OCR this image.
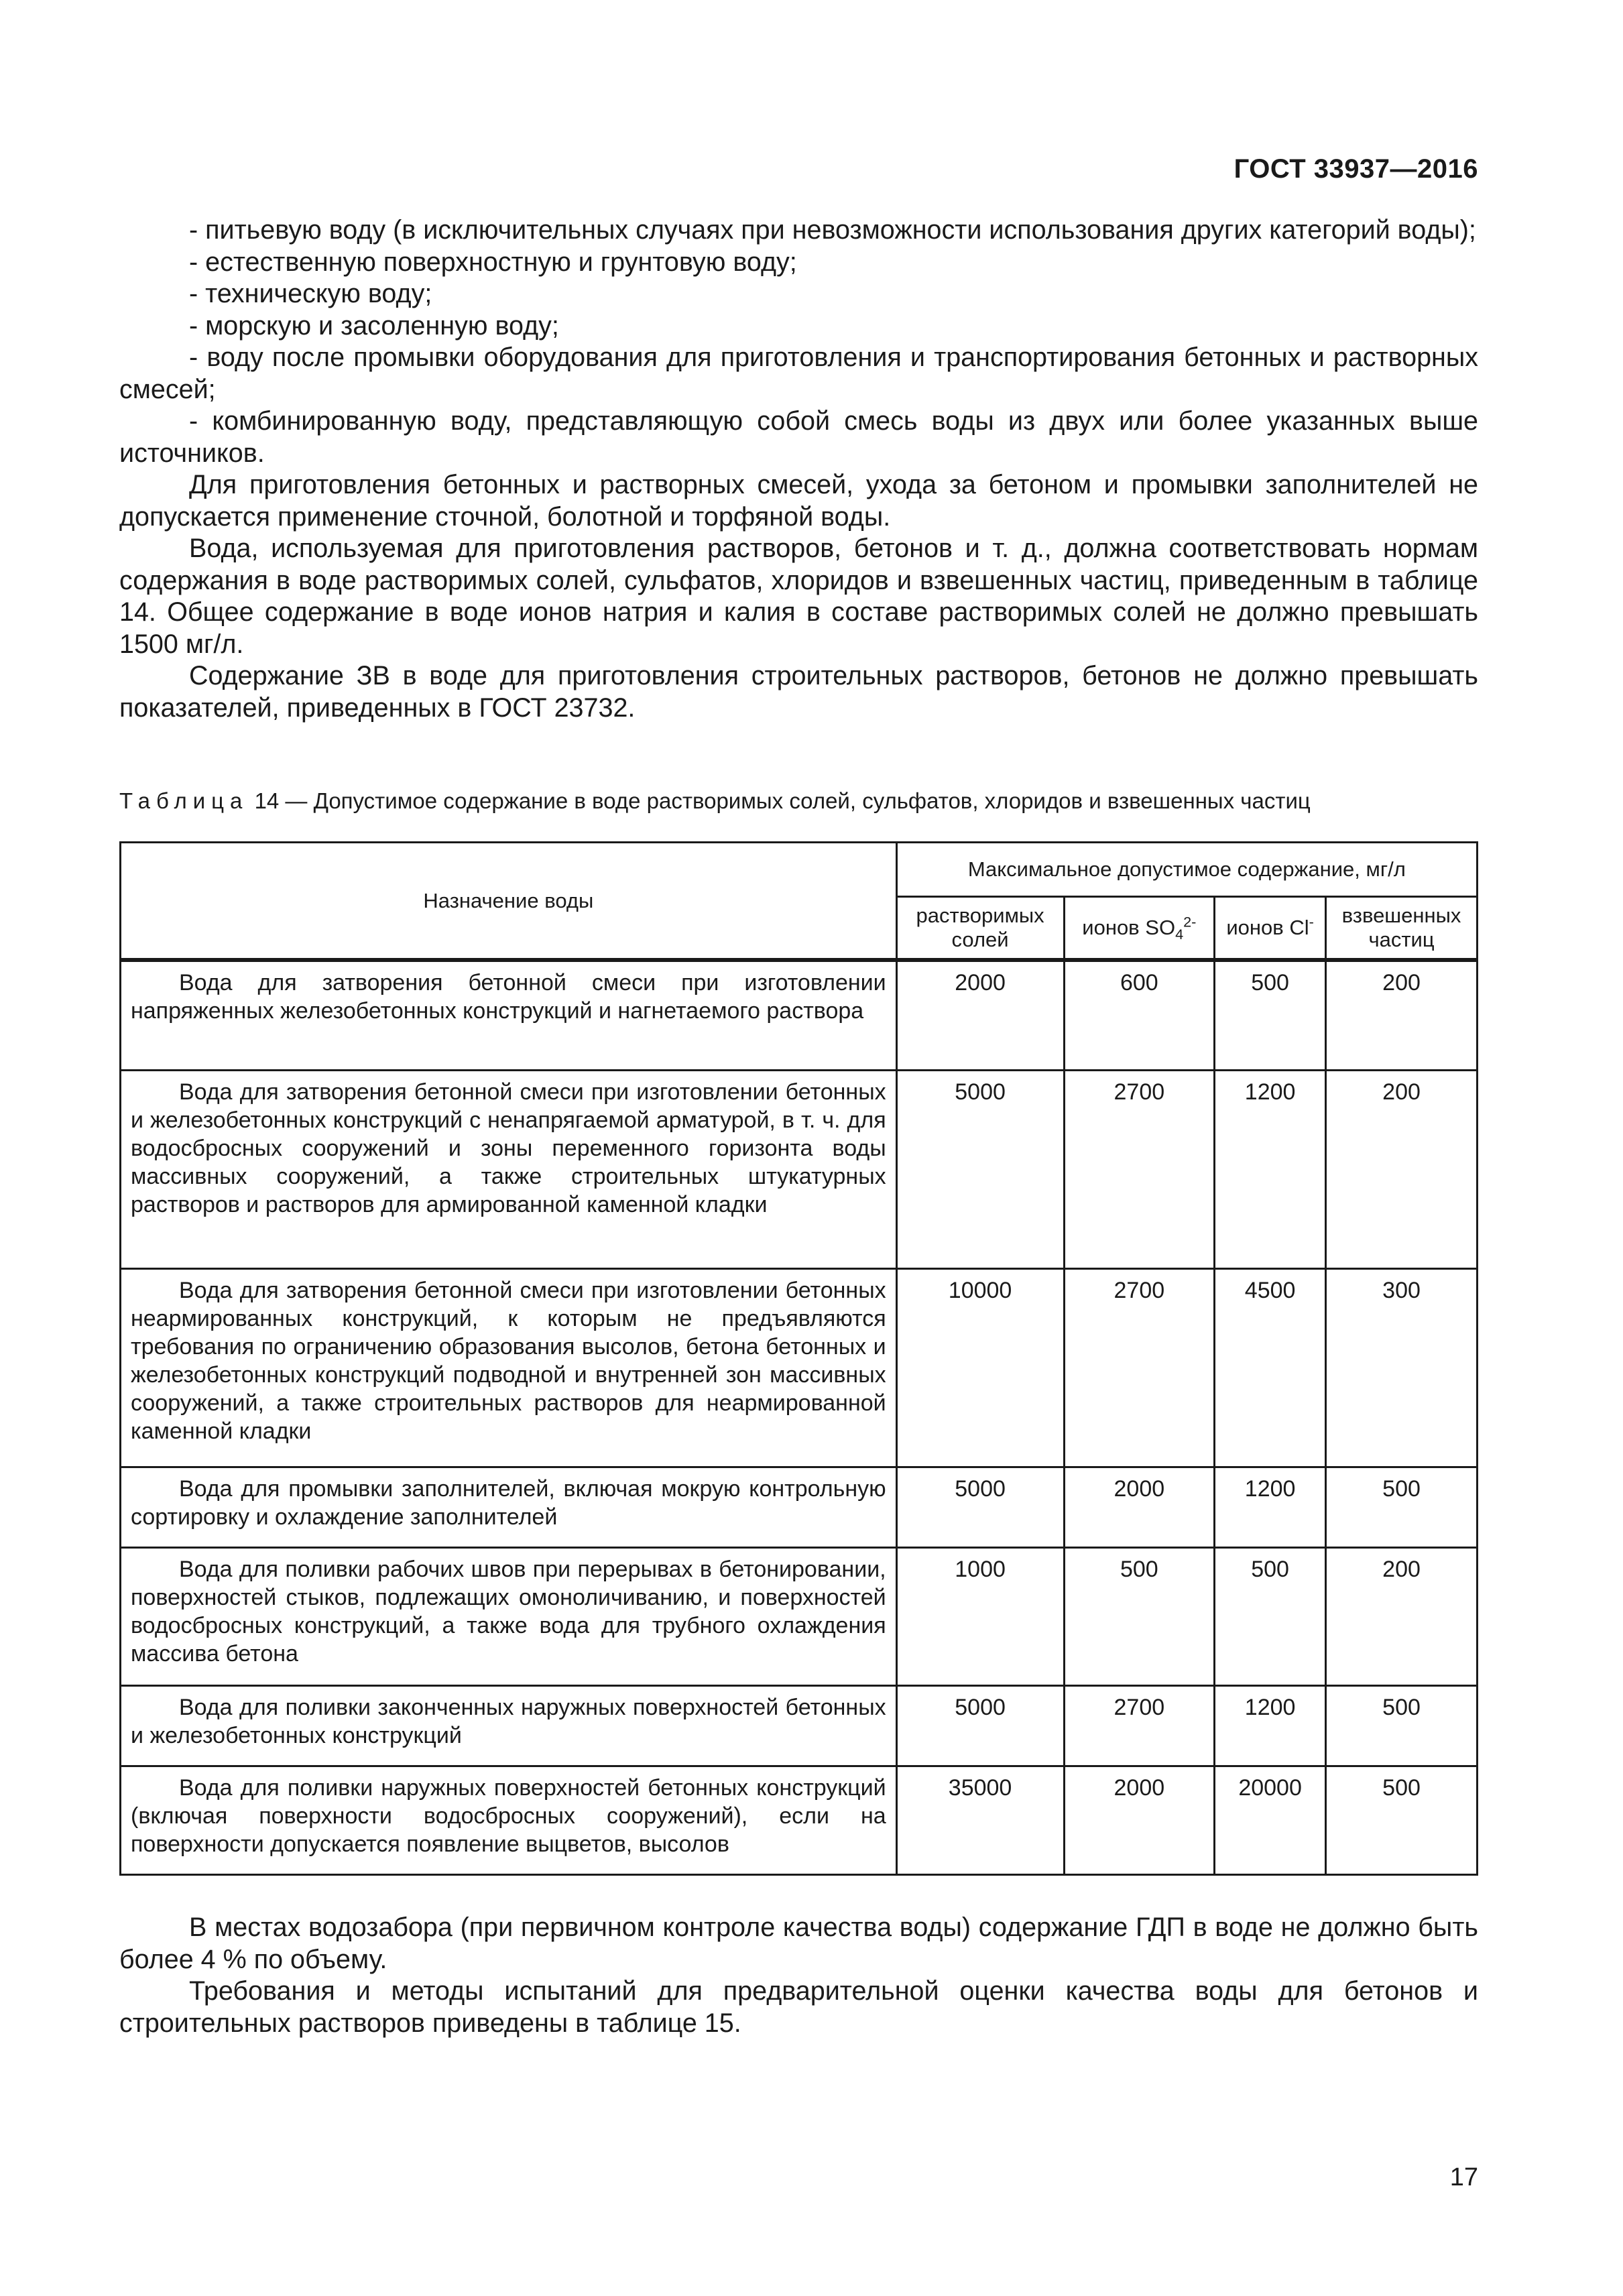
ГОСТ 33937—2016

- питьевую воду (в исключительных случаях при невозможности использования других категорий воды);

- естественную поверхностную и грунтовую воду;

- техническую воду;

- морскую и засоленную воду;

- воду после промывки оборудования для приготовления и транспортирования бетонных и растворных смесей;

- комбинированную воду, представляющую собой смесь воды из двух или более указанных выше источников.

Для приготовления бетонных и растворных смесей, ухода за бетоном и промывки заполнителей не допускается применение сточной, болотной и торфяной воды.

Вода, используемая для приготовления растворов, бетонов и т. д., должна соответствовать нормам содержания в воде растворимых солей, сульфатов, хлоридов и взвешенных частиц, приведенным в таблице 14. Общее содержание в воде ионов натрия и калия в составе растворимых солей не должно превышать 1500 мг/л.

Содержание ЗВ в воде для приготовления строительных растворов, бетонов не должно превышать показателей, приведенных в ГОСТ 23732.

Таблица 14 — Допустимое содержание в воде растворимых солей, сульфатов, хлоридов и взвешенных частиц
Назначение воды	Максимальное допустимое содержание, мг/л			
	растворимых солей	ионов $SO_4^{2-}$	ионов Cl-	взвешенных частиц
Вода для затворения бетонной смеси при изготовлении напряженных железобетонных конструкций и нагнетаемого раствора	2000	600	500	200
Вода для затворения бетонной смеси при изготовлении бетонных и железобетонных конструкций с ненапрягаемой арматурой, в т. ч. для водосбросных сооружений и зоны переменного горизонта воды массивных сооружений, а также строительных штукатурных растворов и растворов для армированной каменной кладки	5000	2700	1200	200
Вода для затворения бетонной смеси при изготовлении бетонных неармированных конструкций, к которым не предъявляются требования по ограничению образования высолов, бетона бетонных и железобетонных конструкций подводной и внутренней зон массивных сооружений, а также строительных растворов для неармированной каменной кладки	10000	2700	4500	300
Вода для промывки заполнителей, включая мокрую контрольную сортировку и охлаждение заполнителей	5000	2000	1200	500
Вода для поливки рабочих швов при перерывах в бетонировании, поверхностей стыков, подлежащих омоноличиванию, и поверхностей водосбросных конструкций, а также вода для трубного охлаждения массива бетона	1000	500	500	200
Вода для поливки законченных наружных поверхностей бетонных и железобетонных конструкций	5000	2700	1200	500
Вода для поливки наружных поверхностей бетонных конструкций (включая поверхности водосбросных сооружений), если на поверхности допускается появление выцветов, высолов	35000	2000	20000	500

В местах водозабора (при первичном контроле качества воды) содержание ГДП в воде не должно быть более 4 % по объему.

Требования и методы испытаний для предварительной оценки качества воды для бетонов и строительных растворов приведены в таблице 15.

17
